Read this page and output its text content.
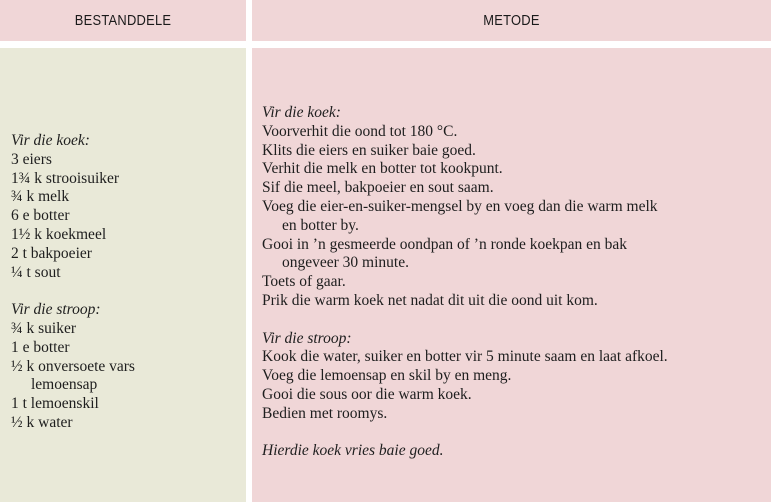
BESTANDDELE	METODE
Vir die koek:
3 eiers
1¾ k strooisuiker
¾ k melk
6 e botter
1½ k koekmeel
2 t bakpoeier
¼ t sout
Vir die stroop:
¾ k suiker
1 e botter
½ k onversoete vars
lemoensap
1 t lemoenskil
½ k water
Vir die koek:
Voorverhit die oond tot 180 °C.
Klits die eiers en suiker baie goed.
Verhit die melk en botter tot kookpunt.
Sif die meel, bakpoeier en sout saam.
Voeg die eier-en-suiker-mengsel by en voeg dan die warm melk
en botter by.
Gooi in ’n gesmeerde oondpan of ’n ronde koekpan en bak
ongeveer 30 minute.
Toets of gaar.
Prik die warm koek net nadat dit uit die oond uit kom.
Vir die stroop:
Kook die water, suiker en botter vir 5 minute saam en laat afkoel.
Voeg die lemoensap en skil by en meng.
Gooi die sous oor die warm koek.
Bedien met roomys.
Hierdie koek vries baie goed.
